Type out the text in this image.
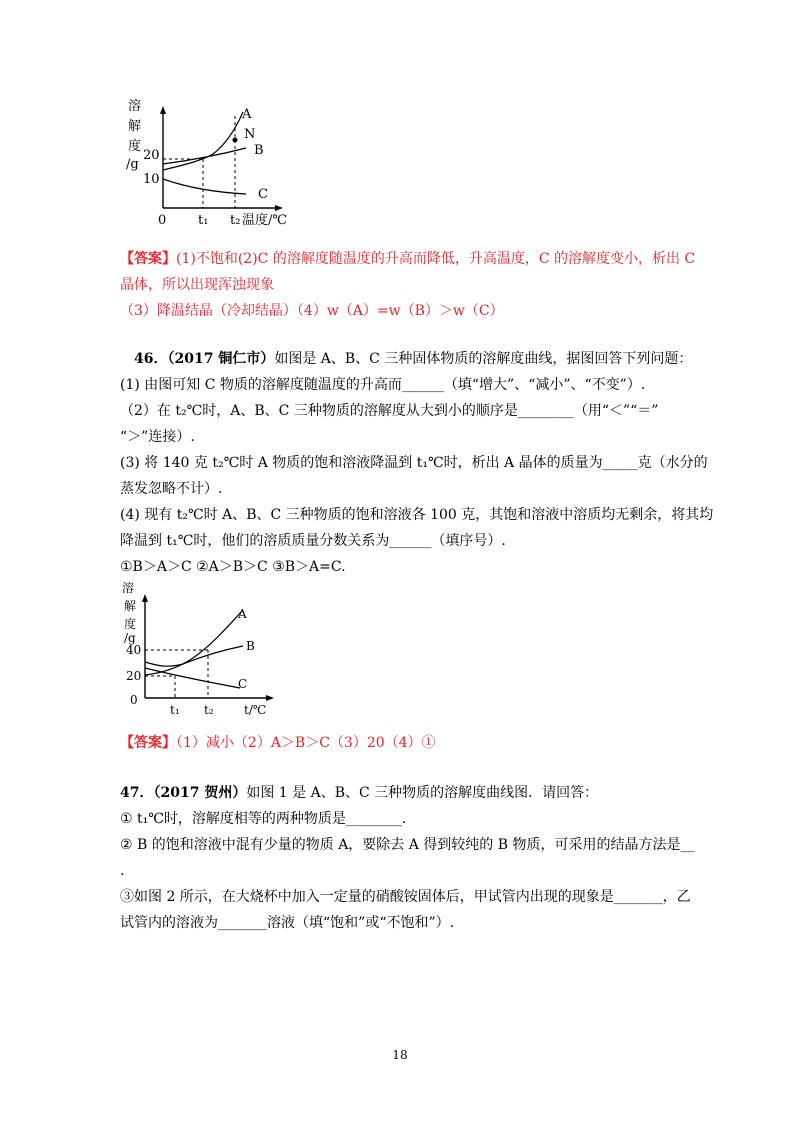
溶
解
度
/g
20
10
0 t₁ t₂ 温度/℃
A
N
B
C
【答案】(1)不饱和(2)C 的溶解度随温度的升高而降低，升高温度，C 的溶解度变小，析出 C
晶体，所以出现浑浊现象
（3）降温结晶（冷却结晶）（4）w（A）=w（B）＞w（C）
46．（2017 铜仁市）如图是 A、B、C 三种固体物质的溶解度曲线，据图回答下列问题：
(1) 由图可知 C 物质的溶解度随温度的升高而______（填“增大”、“减小”、“不变”）.
（2）在 t₂℃时，A、B、C 三种物质的溶解度从大到小的顺序是________（用“＜”“＝”
“＞”连接）.
(3) 将 140 克 t₂℃时 A 物质的饱和溶液降温到 t₁℃时，析出 A 晶体的质量为_____克（水分的
蒸发忽略不计）.
(4) 现有 t₂℃时 A、B、C 三种物质的饱和溶液各 100 克，其饱和溶液中溶质均无剩余，将其均
降温到 t₁℃时，他们的溶质质量分数关系为______（填序号）.
①B＞A＞C ②A＞B＞C ③B＞A=C.
溶
解
度
/g
40
20
0
t₁ t₂	t/℃
A
B
C
【答案】（1）减小（2）A＞B＞C（3）20（4）①
47．（2017 贺州）如图 1 是 A、B、C 三种物质的溶解度曲线图．请回答：
① t₁℃时，溶解度相等的两种物质是________.
② B 的饱和溶液中混有少量的物质 A，要除去 A 得到较纯的 B 物质，可采用的结晶方法是__
.
③如图 2 所示，在大烧杯中加入一定量的硝酸铵固体后，甲试管内出现的现象是_______，乙
试管内的溶液为_______溶液（填“饱和”或“不饱和”）.
18
